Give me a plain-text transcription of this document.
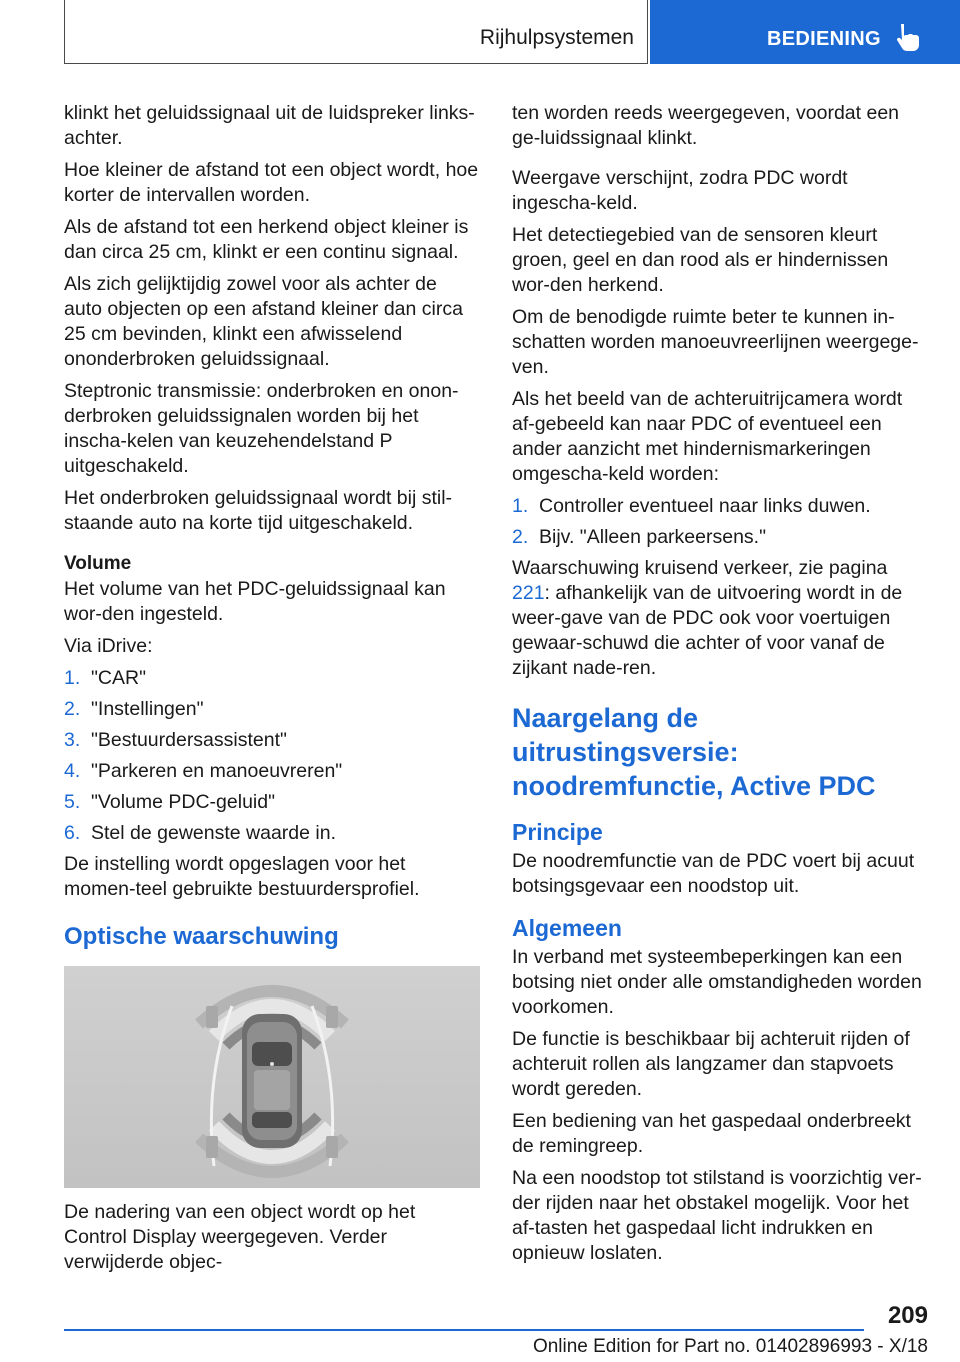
Rijhulpsystemen	BEDIENING

klinkt het geluidssignaal uit de luidspreker links-achter.

Hoe kleiner de afstand tot een object wordt, hoe korter de intervallen worden.

Als de afstand tot een herkend object kleiner is dan circa 25 cm, klinkt er een continu signaal.

Als zich gelijktijdig zowel voor als achter de auto objecten op een afstand kleiner dan circa 25 cm bevinden, klinkt een afwisselend ononderbroken geluidssignaal.

Steptronic transmissie: onderbroken en onon-derbroken geluidssignalen worden bij het inscha-kelen van keuzehendelstand P uitgeschakeld.

Het onderbroken geluidssignaal wordt bij stil-staande auto na korte tijd uitgeschakeld.

Volume

Het volume van het PDC-geluidssignaal kan wor-den ingesteld.

Via iDrive:

1. "CAR"
2. "Instellingen"
3. "Bestuurdersassistent"
4. "Parkeren en manoeuvreren"
5. "Volume PDC-geluid"
6. Stel de gewenste waarde in.

De instelling wordt opgeslagen voor het momen-teel gebruikte bestuurdersprofiel.

Optische waarschuwing

De nadering van een object wordt op het Control Display weergegeven. Verder verwijderde objec-

ten worden reeds weergegeven, voordat een ge-luidssignaal klinkt.

Weergave verschijnt, zodra PDC wordt ingescha-keld.

Het detectiegebied van de sensoren kleurt groen, geel en dan rood als er hindernissen wor-den herkend.

Om de benodigde ruimte beter te kunnen in-schatten worden manoeuvreerlijnen weergege-ven.

Als het beeld van de achteruitrijcamera wordt af-gebeeld kan naar PDC of eventueel een ander aanzicht met hindernismarkeringen omgescha-keld worden:

1. Controller eventueel naar links duwen.
2. Bijv. "Alleen parkeersens."

Waarschuwing kruisend verkeer, zie pagina 221: afhankelijk van de uitvoering wordt in de weer-gave van de PDC ook voor voertuigen gewaar-schuwd die achter of voor vanaf de zijkant nade-ren.

Naargelang de uitrustingsversie: noodremfunctie, Active PDC
Principe

De noodremfunctie van de PDC voert bij acuut botsingsgevaar een noodstop uit.

Algemeen

In verband met systeembeperkingen kan een botsing niet onder alle omstandigheden worden voorkomen.

De functie is beschikbaar bij achteruit rijden of achteruit rollen als langzamer dan stapvoets wordt gereden.

Een bediening van het gaspedaal onderbreekt de remingreep.

Na een noodstop tot stilstand is voorzichtig ver-der rijden naar het obstakel mogelijk. Voor het af-tasten het gaspedaal licht indrukken en opnieuw loslaten.

209
Online Edition for Part no. 01402896993 - X/18
